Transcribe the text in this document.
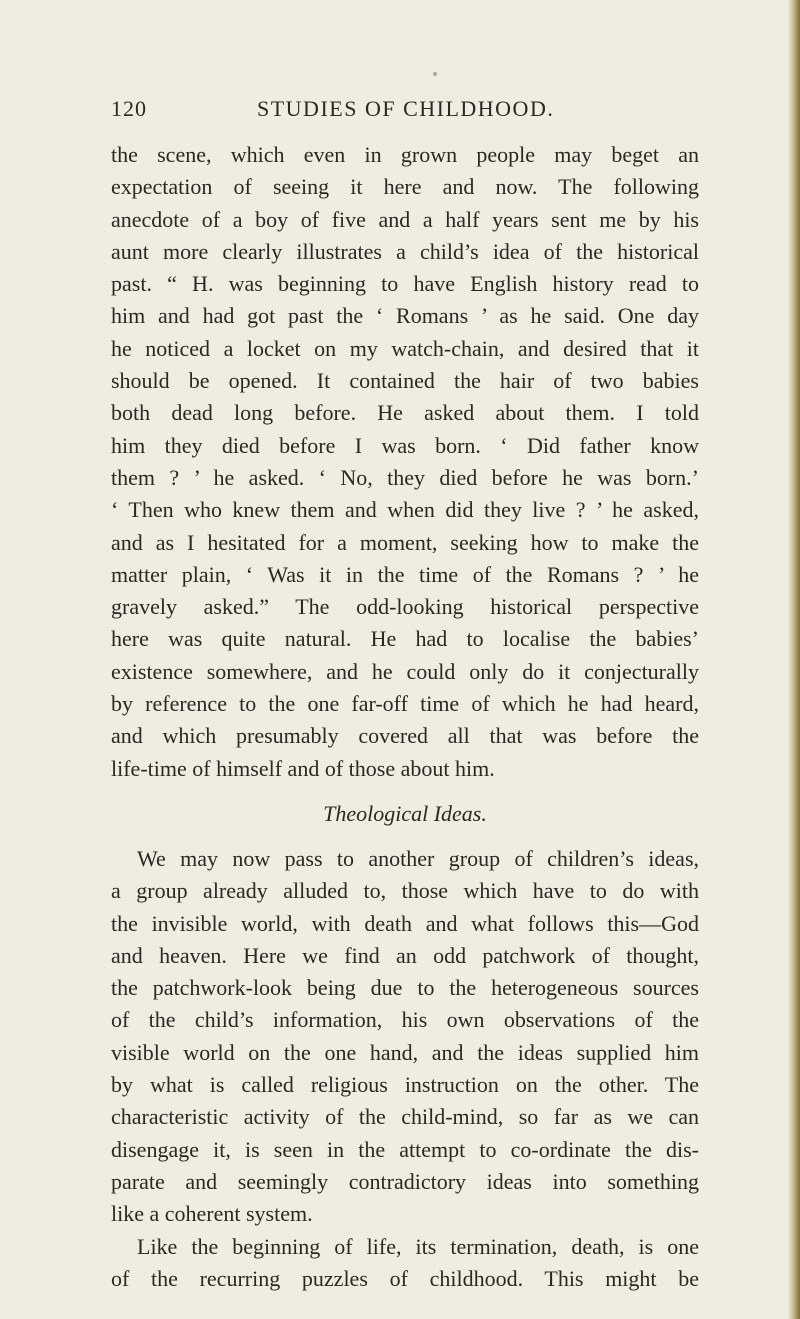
120	STUDIES OF CHILDHOOD.
the scene, which even in grown people may beget an
expectation of seeing it here and now. The following
anecdote of a boy of five and a half years sent me by his
aunt more clearly illustrates a child’s idea of the historical
past. “ H. was beginning to have English history read to
him and had got past the ‘ Romans ’ as he said. One day
he noticed a locket on my watch-chain, and desired that it
should be opened. It contained the hair of two babies
both dead long before. He asked about them. I told
him they died before I was born. ‘ Did father know
them ? ’ he asked. ‘ No, they died before he was born.’
‘ Then who knew them and when did they live ? ’ he asked,
and as I hesitated for a moment, seeking how to make the
matter plain, ‘ Was it in the time of the Romans ? ’ he
gravely asked.” The odd-looking historical perspective
here was quite natural. He had to localise the babies’
existence somewhere, and he could only do it conjecturally
by reference to the one far-off time of which he had heard,
and which presumably covered all that was before the
life-time of himself and of those about him.
Theological Ideas.
We may now pass to another group of children’s ideas,
a group already alluded to, those which have to do with
the invisible world, with death and what follows this—God
and heaven. Here we find an odd patchwork of thought,
the patchwork-look being due to the heterogeneous sources
of the child’s information, his own observations of the
visible world on the one hand, and the ideas supplied him
by what is called religious instruction on the other. The
characteristic activity of the child-mind, so far as we can
disengage it, is seen in the attempt to co-ordinate the dis-
parate and seemingly contradictory ideas into something
like a coherent system.
Like the beginning of life, its termination, death, is one
of the recurring puzzles of childhood. This might be
